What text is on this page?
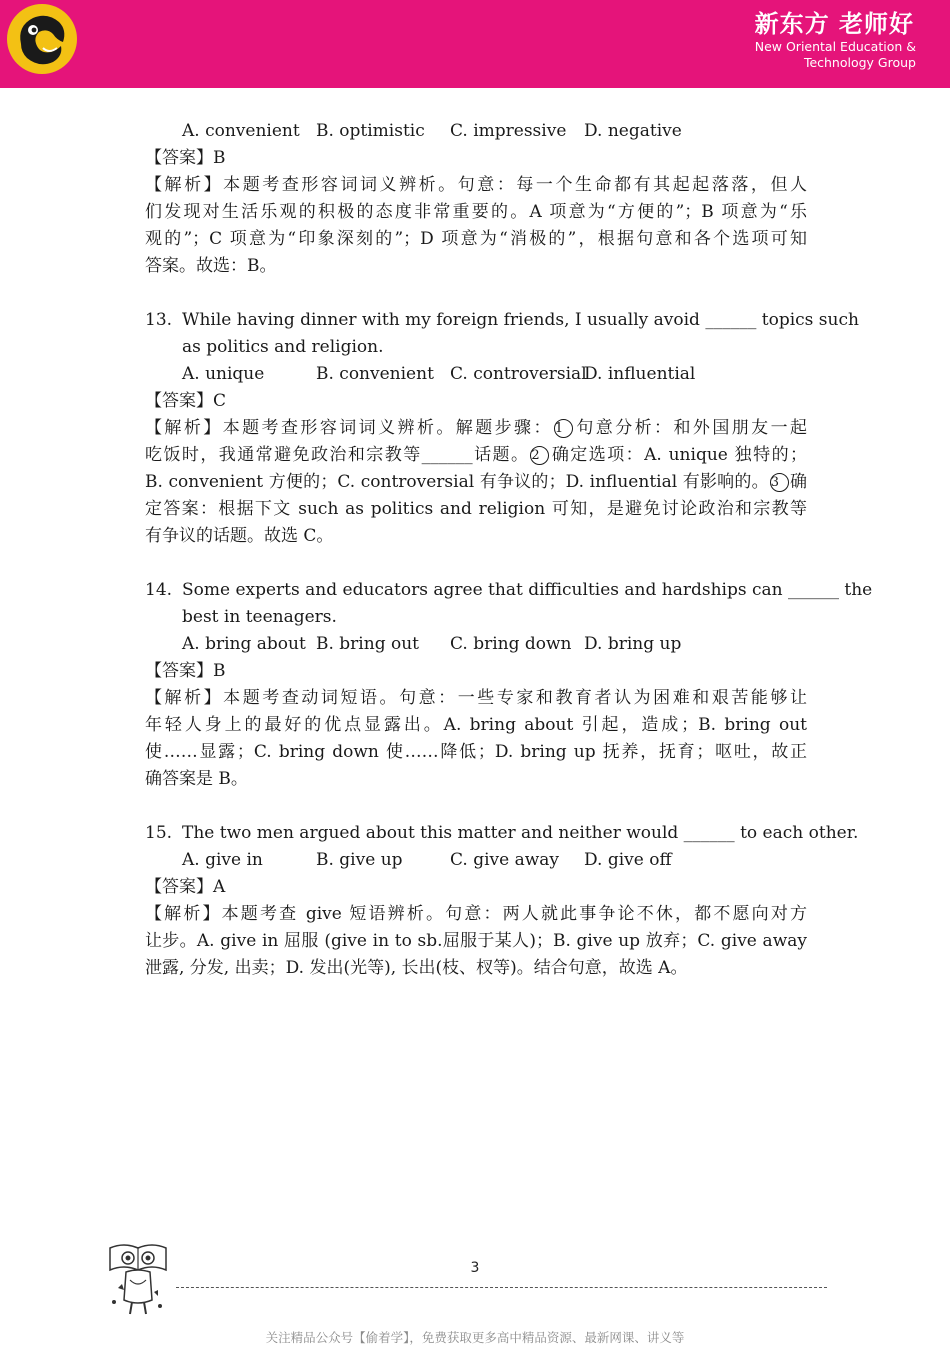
新东方 老师好
New Oriental Education &
Technology Group
A. convenient B. optimistic C. impressive D. negative
【答案】B
【解析】本题考查形容词词义辨析。句意：每一个生命都有其起起落落，但人
们发现对生活乐观的积极的态度非常重要的。A 项意为“方便的”；B 项意为“乐
观的”；C 项意为“印象深刻的”；D 项意为“消极的”，根据句意和各个选项可知
答案。故选：B。
13. While having dinner with my foreign friends, I usually avoid ______ topics such
as politics and religion.
A. unique	B. convenient C. controversialD. influential
【答案】C
【解析】本题考查形容词词义辨析。解题步骤： 1 句意分析：和外国朋友一起
吃饭时，我通常避免政治和宗教等______话题。 2 确定选项：A. unique 独特的；
B. convenient 方便的；C. controversial 有争议的；D. influential 有影响的。 3 确
定答案：根据下文 such as politics and religion 可知，是避免讨论政治和宗教等
有争议的话题。故选 C。
14. Some experts and educators agree that difficulties and hardships can ______ the
best in teenagers.
A. bring about B. bring out C. bring down D. bring up
【答案】B
【解析】本题考查动词短语。句意：一些专家和教育者认为困难和艰苦能够让
年轻人身上的最好的优点显露出。A. bring about 引起，造成；B. bring out
使……显露；C. bring down 使……降低；D. bring up 抚养，抚育；呕吐，故正
确答案是 B。
15. The two men argued about this matter and neither would ______ to each other.
A. give in	B. give up	C. give away D. give off
【答案】A
【解析】本题考查 give 短语辨析。句意：两人就此事争论不休，都不愿向对方
让步。A. give in 屈服 (give in to sb.屈服于某人)；B. give up 放弃；C. give away
泄露, 分发, 出卖；D. 发出(光等), 长出(枝、杈等)。结合句意，故选 A。
3
关注精品公众号【偷着学】，免费获取更多高中精品资源、最新网课、讲义等
